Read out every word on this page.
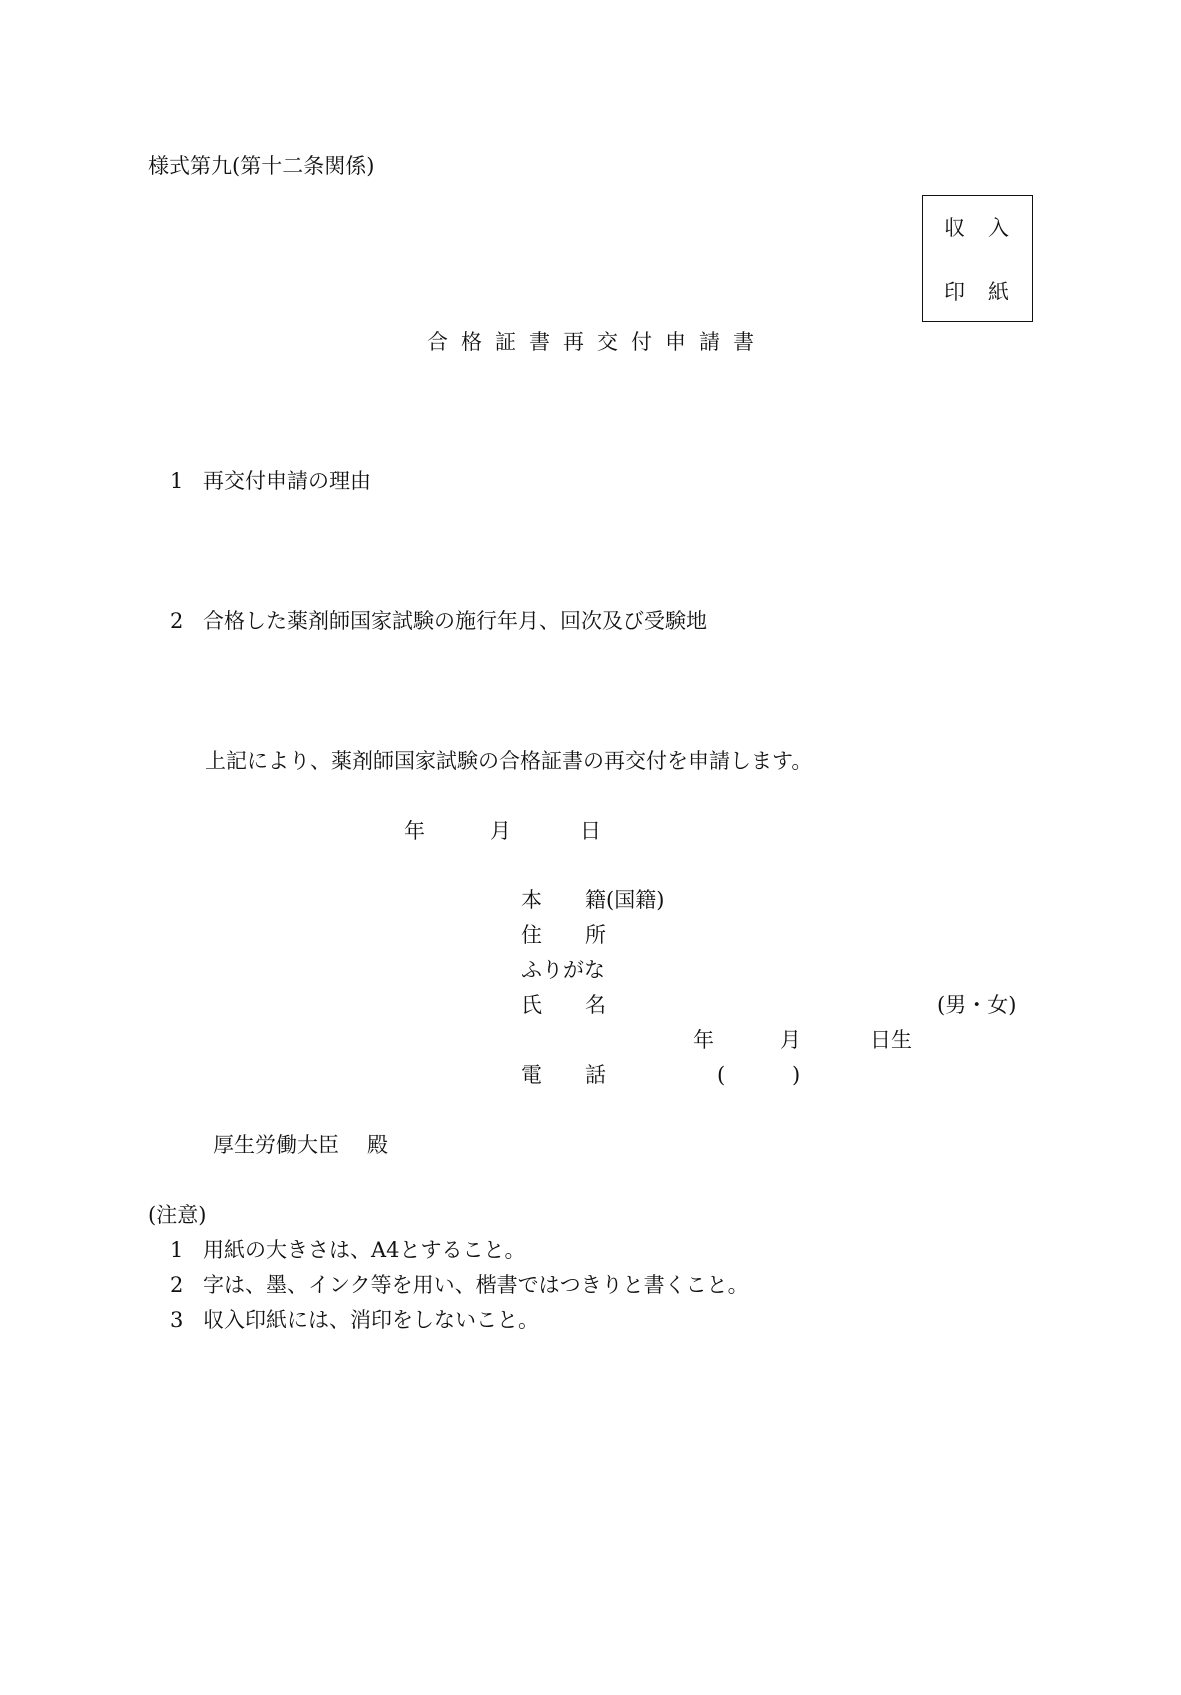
様式第九(第十二条関係)
収 入
印 紙
合格証書再交付申請書
1 再交付申請の理由
2 合格した薬剤師国家試験の施行年月、回次及び受験地
上記により、薬剤師国家試験の合格証書の再交付を申請します。
年	月	日
本 籍(国籍)
住 所
ふりがな
氏 名	(男・女)
年	月	日生
電 話	(	)
厚生労働大臣 殿
(注意)
1 用紙の大きさは、A4とすること。
2 字は、墨、インク等を用い、楷書ではつきりと書くこと。
3 収入印紙には、消印をしないこと。
